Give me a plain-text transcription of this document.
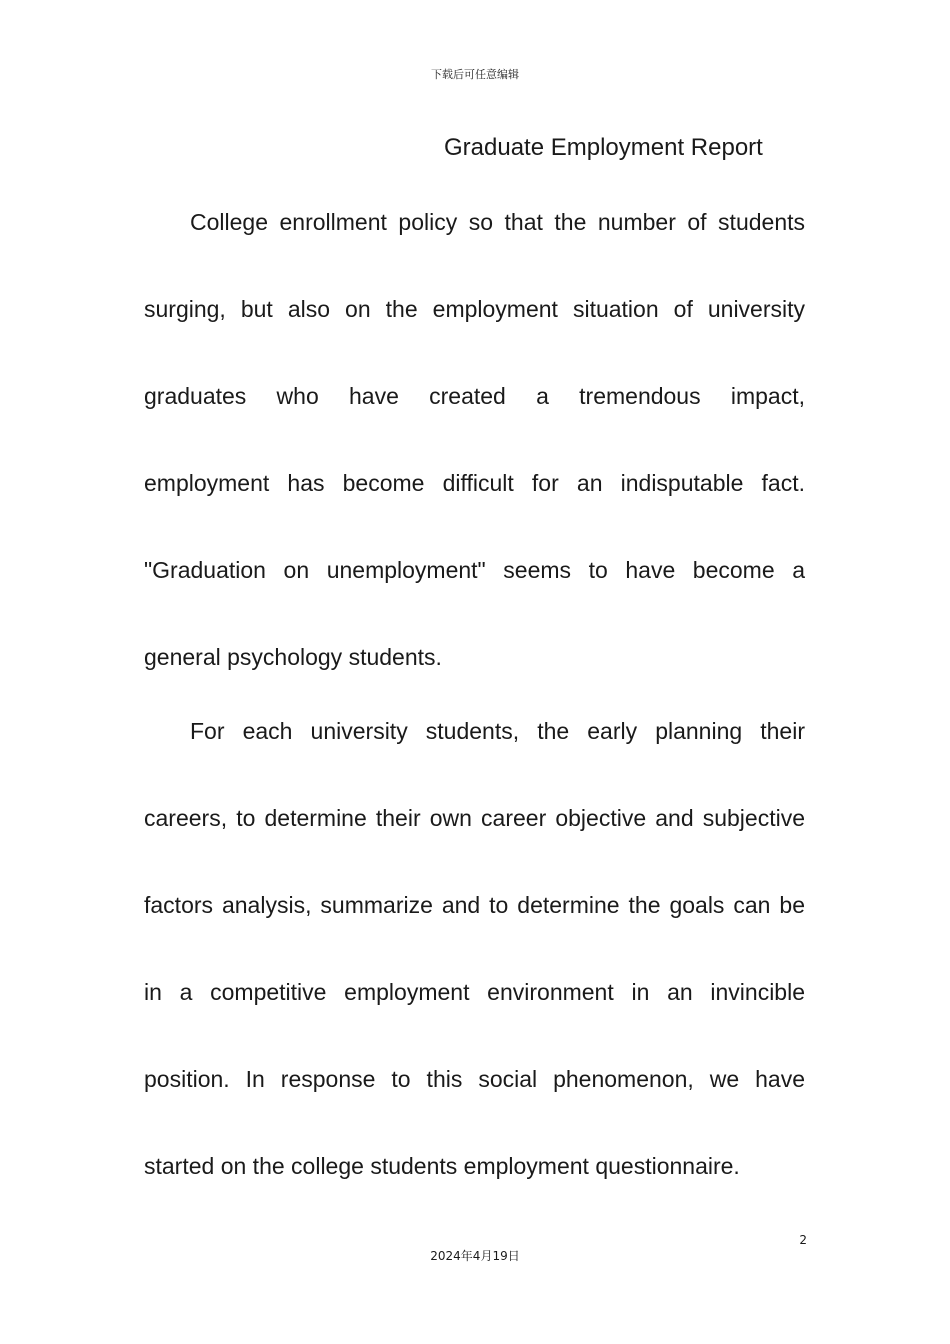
下载后可任意编辑
Graduate Employment Report
College enrollment policy so that the number of students
surging, but also on the employment situation of university
graduates who have created a tremendous impact,
employment has become difficult for an indisputable fact.
"Graduation on unemployment" seems to have become a
general psychology students.
For each university students, the early planning their
careers, to determine their own career objective and subjective
factors analysis, summarize and to determine the goals can be
in a competitive employment environment in an invincible
position. In response to this social phenomenon, we have
started on the college students employment questionnaire.
2
2024年4月19日
